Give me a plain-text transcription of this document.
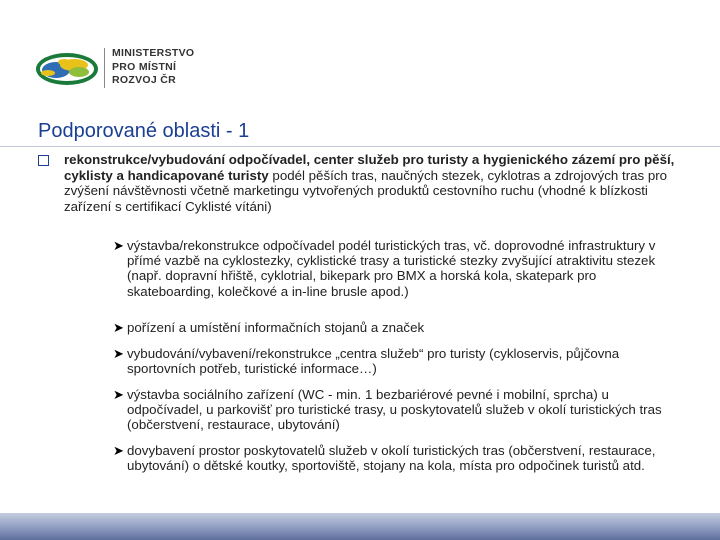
MINISTERSTVO
PRO MÍSTNÍ
ROZVOJ ČR
Podporované oblasti - 1
rekonstrukce/vybudování odpočívadel, center služeb pro turisty a hygienického zázemí pro pěší, cyklisty a handicapované turisty podél pěších tras, naučných stezek, cyklotras a zdrojových tras pro zvýšení návštěvnosti včetně marketingu vytvořených produktů cestovního ruchu (vhodné k blízkosti zařízení s certifikací Cyklisté vítáni)
➤ výstavba/rekonstrukce odpočívadel podél turistických tras, vč. doprovodné infrastruktury v přímé vazbě na cyklostezky, cyklistické trasy a turistické stezky zvyšující atraktivitu stezek (např. dopravní hřiště, cyklotrial, bikepark pro BMX a horská kola, skatepark pro skateboarding, kolečkové a in-line brusle apod.)
➤ pořízení a umístění informačních stojanů a značek
➤ vybudování/vybavení/rekonstrukce „centra služeb“ pro turisty (cykloservis, půjčovna sportovních potřeb, turistické informace…)
➤ výstavba sociálního zařízení (WC - min. 1 bezbariérové pevné i mobilní, sprcha) u odpočívadel, u parkovišť pro turistické trasy, u poskytovatelů služeb v okolí turistických tras (občerstvení, restaurace, ubytování)
➤ dovybavení prostor poskytovatelů služeb v okolí turistických tras (občerstvení, restaurace, ubytování) o dětské koutky, sportoviště, stojany na kola, místa pro odpočinek turistů atd.
